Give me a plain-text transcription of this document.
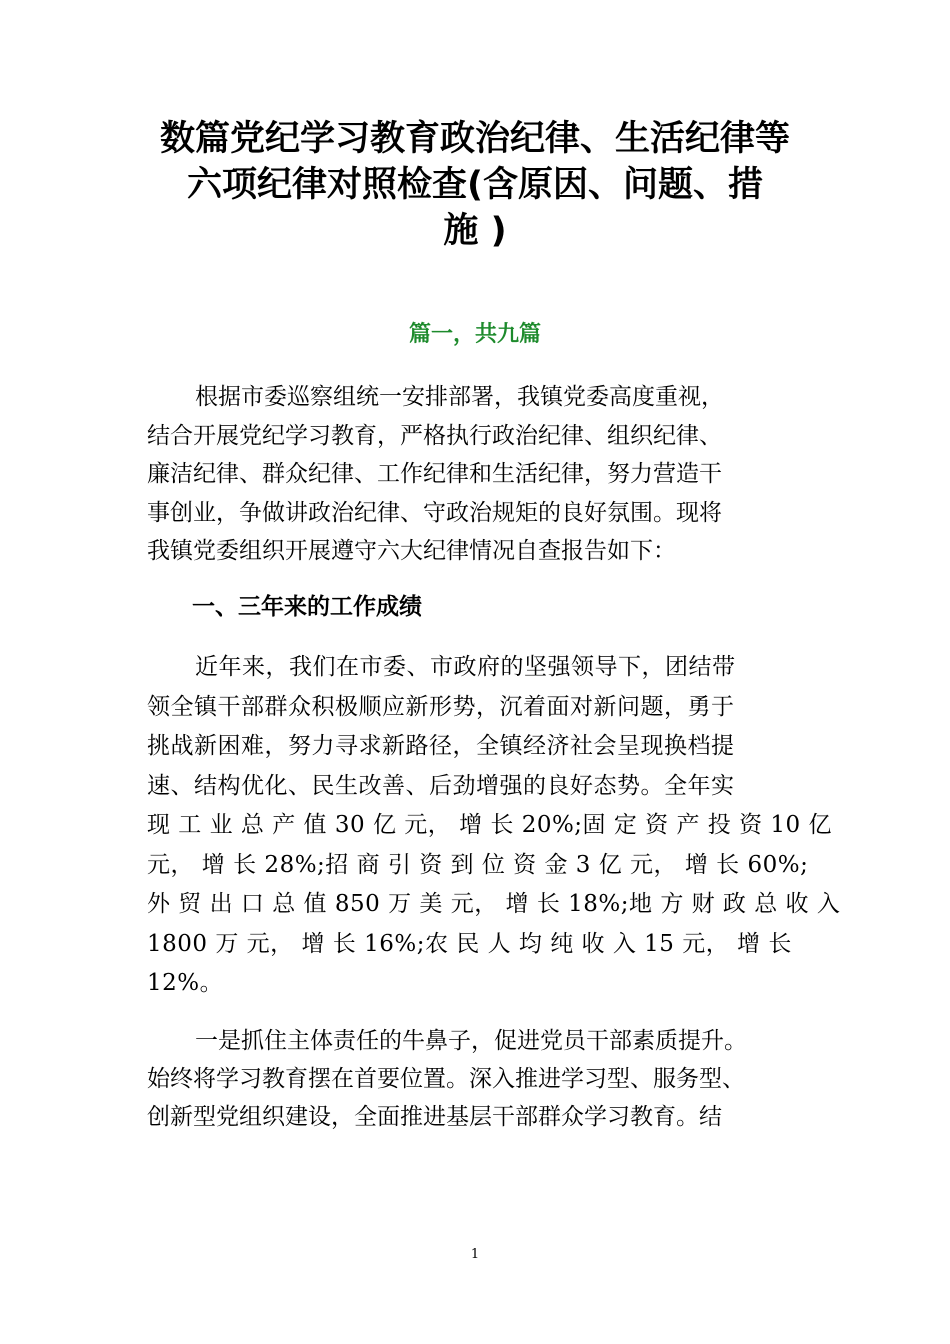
数篇党纪学习教育政治纪律、生活纪律等
六项纪律对照检查(含原因、问题、措
施 )

篇一，共九篇

根据市委巡察组统一安排部署，我镇党委高度重视，
结合开展党纪学习教育，严格执行政治纪律、组织纪律、
廉洁纪律、群众纪律、工作纪律和生活纪律，努力营造干
事创业，争做讲政治纪律、守政治规矩的良好氛围。现将
我镇党委组织开展遵守六大纪律情况自查报告如下：
一、三年来的工作成绩
近年来，我们在市委、市政府的坚强领导下，团结带
领全镇干部群众积极顺应新形势，沉着面对新问题，勇于
挑战新困难，努力寻求新路径，全镇经济社会呈现换档提
速、结构优化、民生改善、后劲增强的良好态势。全年实
现 工 业 总 产 值 30 亿 元， 增 长 20%;固 定 资 产 投 资 10 亿
元， 增 长 28%;招 商 引 资 到 位 资 金 3 亿 元， 增 长 60%;
外 贸 出 口 总 值 850 万 美 元， 增 长 18%;地 方 财 政 总 收 入
1800 万 元， 增 长 16%;农 民 人 均 纯 收 入 15 元， 增 长
12%。
一是抓住主体责任的牛鼻子，促进党员干部素质提升。
始终将学习教育摆在首要位置。深入推进学习型、服务型、
创新型党组织建设，全面推进基层干部群众学习教育。结
1
